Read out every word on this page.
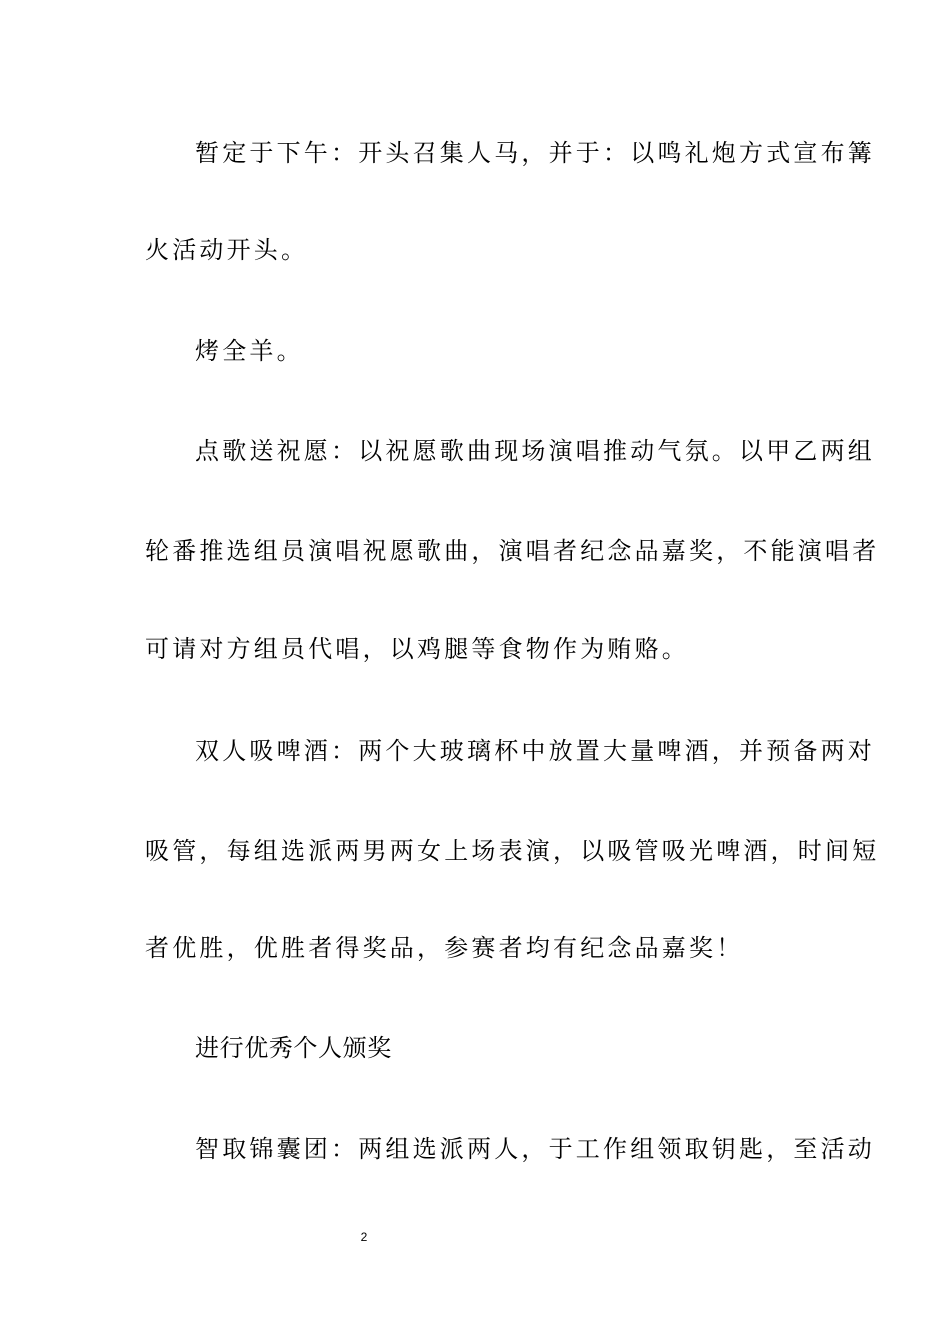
暂定于下午：开头召集人马，并于：以鸣礼炮方式宣布篝
火活动开头。
烤全羊。
点歌送祝愿：以祝愿歌曲现场演唱推动气氛。以甲乙两组
轮番推选组员演唱祝愿歌曲，演唱者纪念品嘉奖，不能演唱者
可请对方组员代唱，以鸡腿等食物作为贿赂。
双人吸啤酒：两个大玻璃杯中放置大量啤酒，并预备两对
吸管，每组选派两男两女上场表演，以吸管吸光啤酒，时间短
者优胜，优胜者得奖品，参赛者均有纪念品嘉奖！
进行优秀个人颁奖
智取锦囊团：两组选派两人，于工作组领取钥匙，至活动
2
